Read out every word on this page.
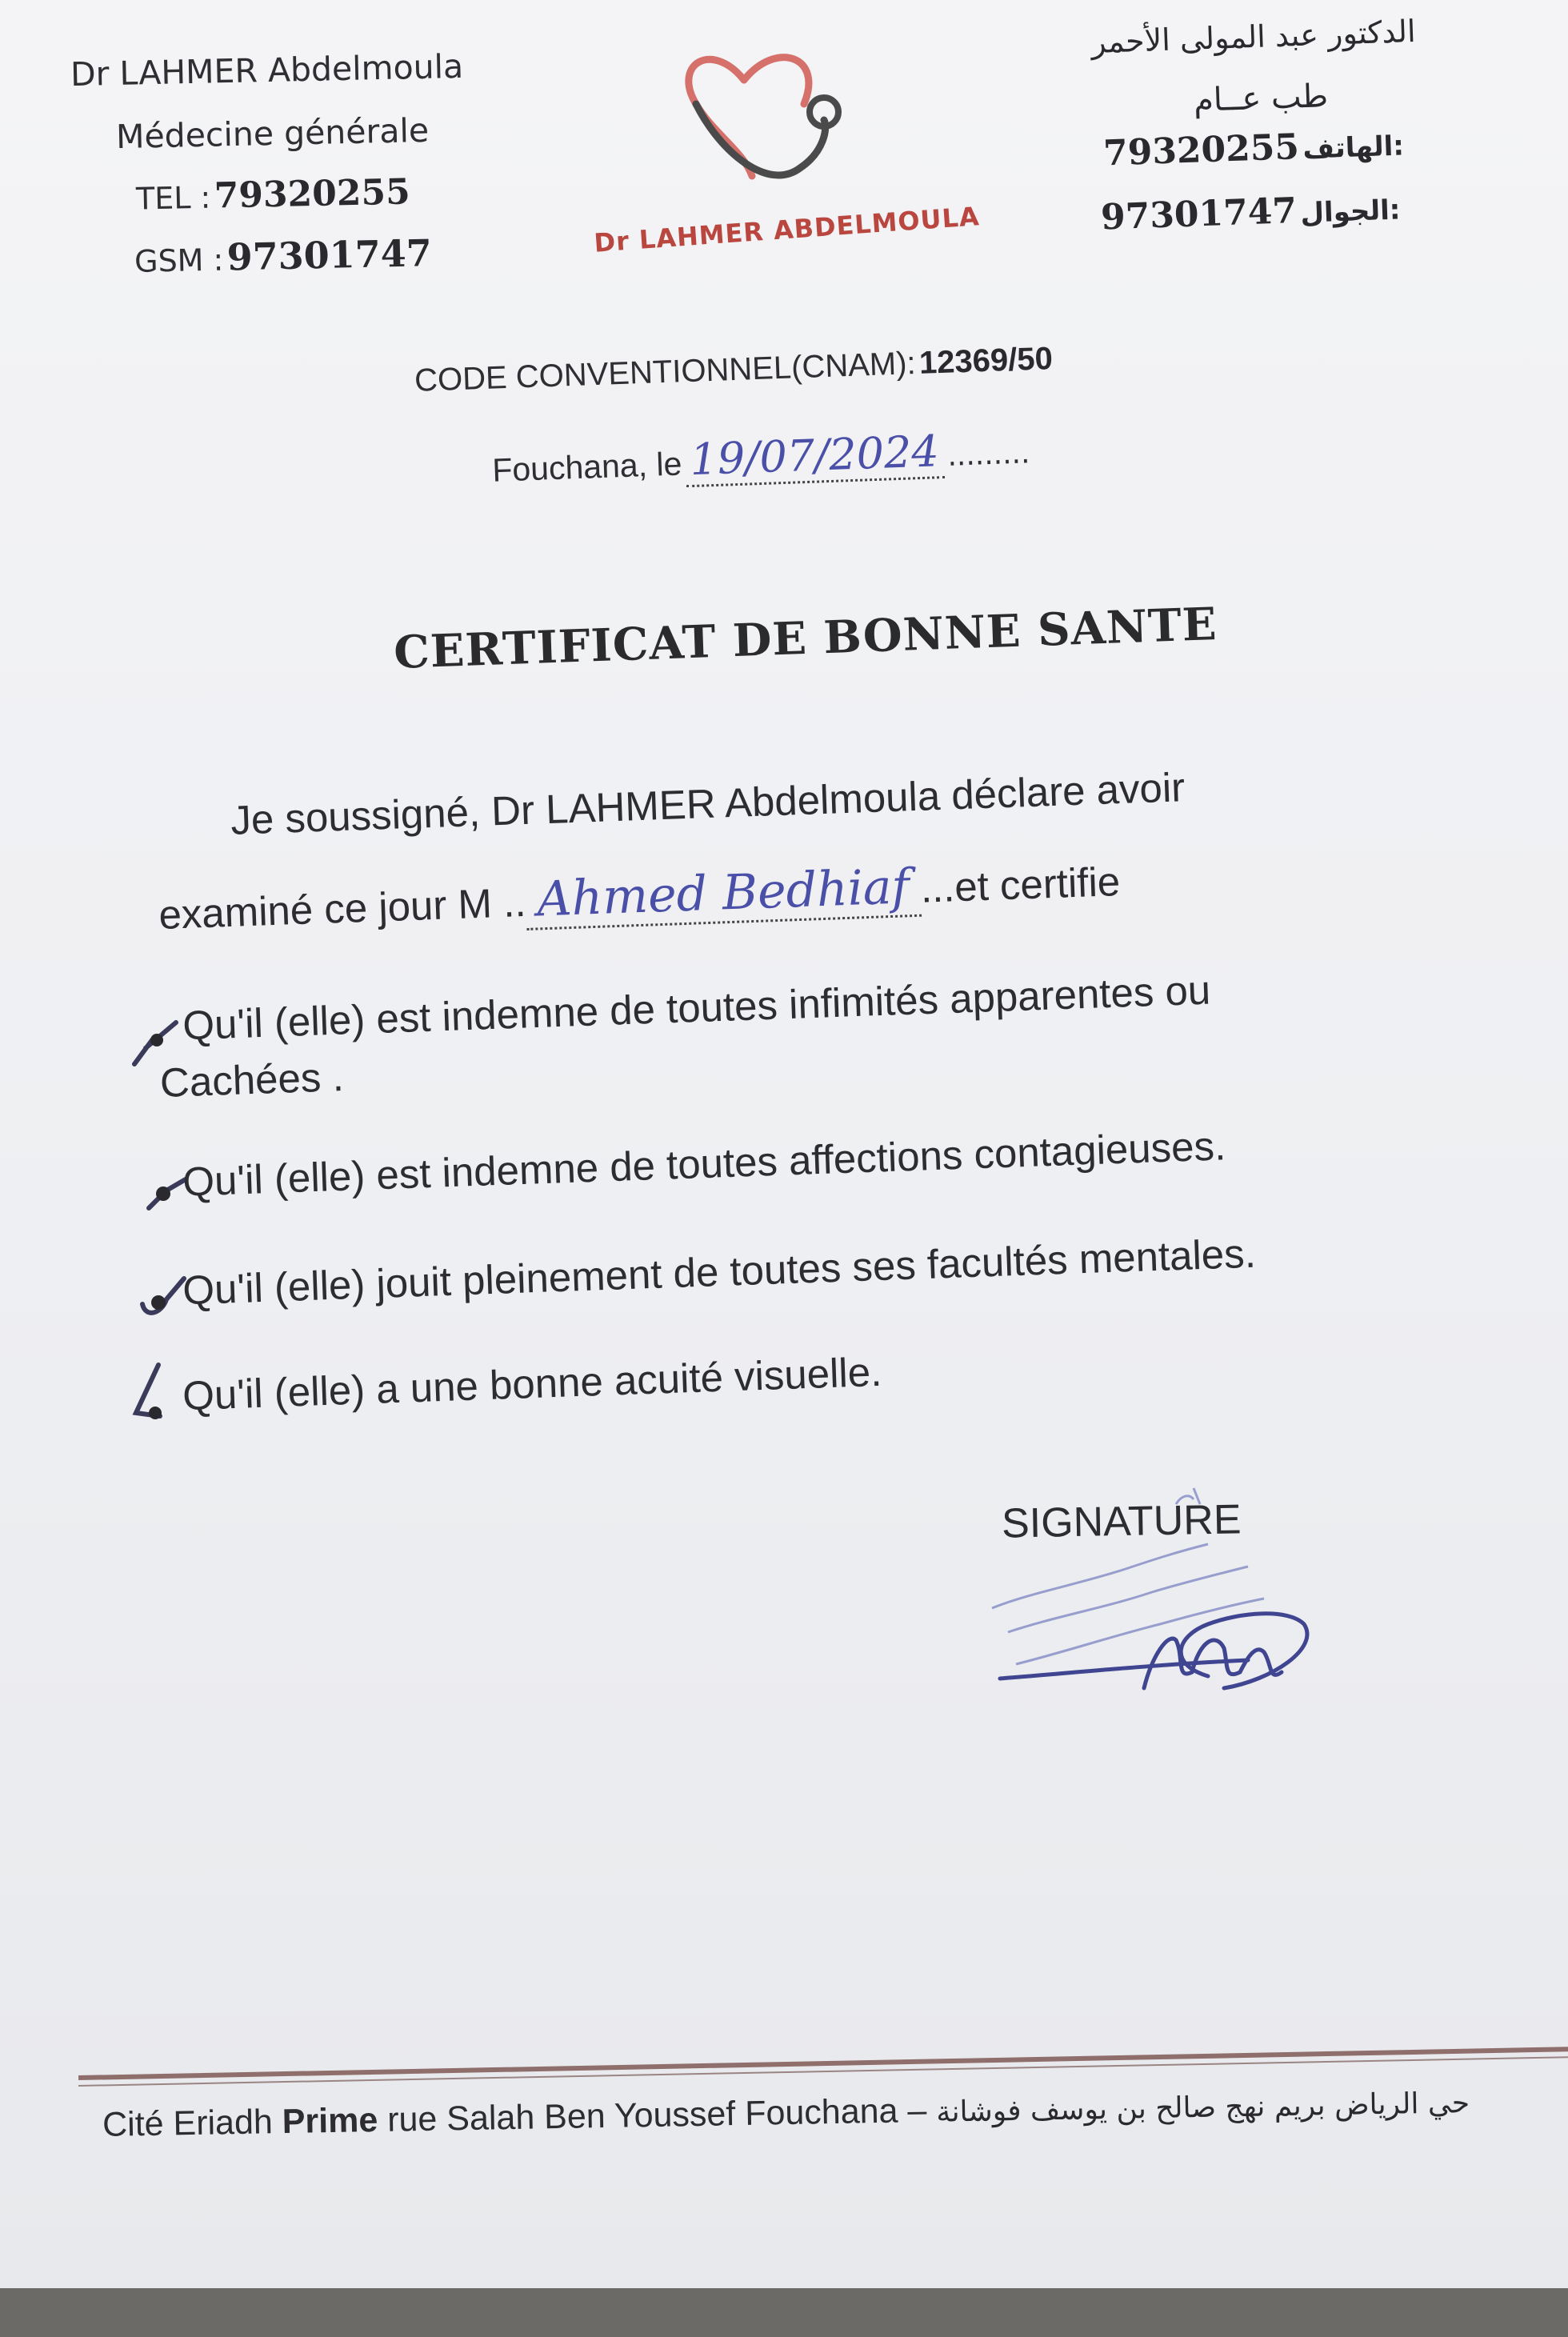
Dr LAHMER Abdelmoula
Médecine générale
TEL : 79320255
GSM : 97301747	Dr LAHMER ABDELMOULA
الدكتور عبد المولى الأحمر
طب عــام
79320255 الهاتف:
97301747 الجوال:
CODE CONVENTIONNEL(CNAM): 12369/50
Fouchana, le 19/07/2024 .........
CERTIFICAT DE BONNE SANTE
Je soussigné, Dr LAHMER Abdelmoula déclare avoir
examiné ce jour M .. Ahmed Bedhiaf ...et certifie
Qu'il (elle) est indemne de toutes infimités apparentes ou
Cachées .
Qu'il (elle) est indemne de toutes affections contagieuses.
Qu'il (elle) jouit pleinement de toutes ses facultés mentales.
Qu'il (elle) a une bonne acuité visuelle.
SIGNATURE
Cité Eriadh Prime rue Salah Ben Youssef Fouchana – حي الرياض بريم نهج صالح بن يوسف فوشانة
